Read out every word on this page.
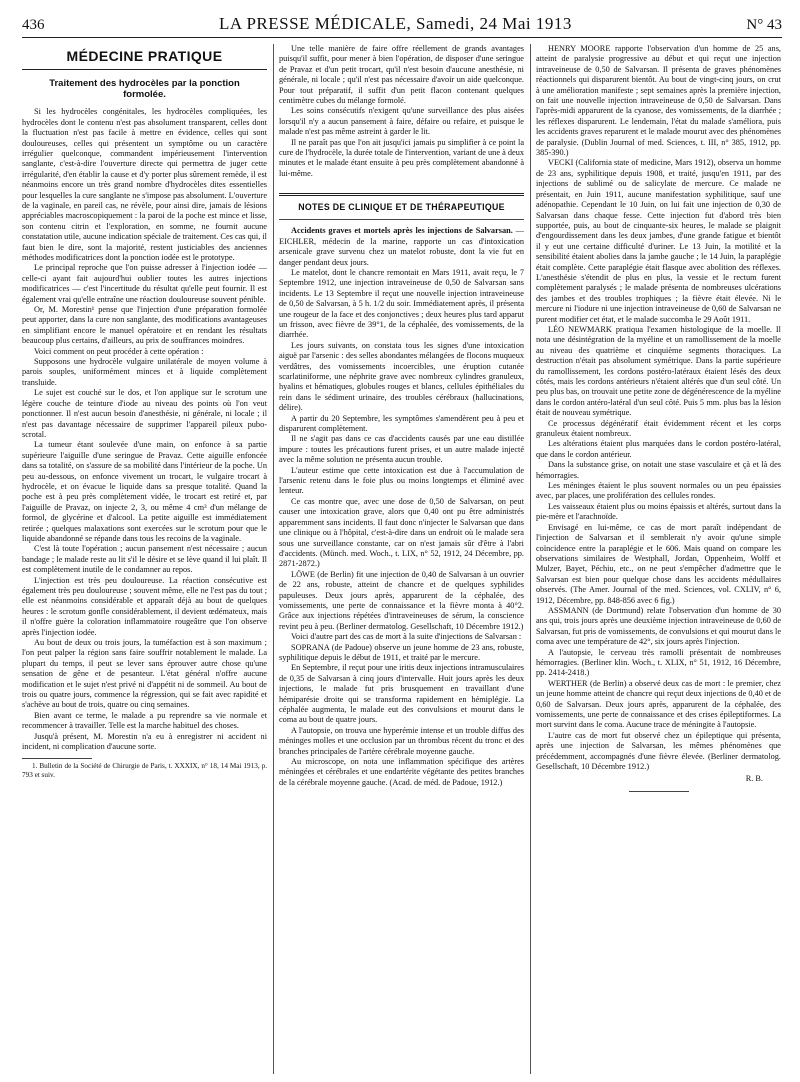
436	LA PRESSE MÉDICALE, Samedi, 24 Mai 1913	N° 43
MÉDECINE PRATIQUE
Traitement des hydrocèles par la ponction formolée.

Si les hydrocèles congénitales, les hydrocèles compliquées, les hydrocèles dont le contenu n'est pas absolument transparent, celles dont la fluctuation n'est pas facile à mettre en évidence, celles qui sont douloureuses, celles qui présentent un symptôme ou un caractère irrégulier quelconque, commandent impérieusement l'intervention sanglante, c'est-à-dire l'ouverture directe qui permettra de juger cette irrégularité, d'en établir la cause et d'y porter plus sûrement remède, il est néanmoins encore un très grand nombre d'hydrocèles dites essentielles pour lesquelles la cure sanglante ne s'impose pas absolument. L'ouverture de la vaginale, en pareil cas, ne révèle, pour ainsi dire, jamais de lésions appréciables macroscopiquement : la paroi de la poche est mince et lisse, son contenu citrin et l'exploration, en somme, ne fournit aucune constatation utile, aucune indication spéciale de traitement. Ces cas qui, il faut bien le dire, sont la majorité, restent justiciables des anciennes méthodes modificatrices dont la ponction iodée est le prototype.

Le principal reproche que l'on puisse adresser à l'injection iodée — celle-ci ayant fait aujourd'hui oublier toutes les autres injections modificatrices — c'est l'incertitude du résultat qu'elle peut fournir. Il est également vrai qu'elle entraîne une réaction douloureuse souvent pénible.

Or, M. Morestin¹ pense que l'injection d'une préparation formolée peut apporter, dans la cure non sanglante, des modifications avantageuses en simplifiant encore le manuel opératoire et en rendant les résultats beaucoup plus certains, d'ailleurs, au prix de souffrances moindres.

Voici comment on peut procéder à cette opération :

Supposons une hydrocèle vulgaire unilatérale de moyen volume à parois souples, uniformément minces et à liquide complètement transluide.

Le sujet est couché sur le dos, et l'on applique sur le scrotum une légère couche de teinture d'iode au niveau des points où l'on veut ponctionner. Il n'est aucun besoin d'anesthésie, ni générale, ni locale ; il n'est pas davantage nécessaire de supprimer l'appareil pileux pubo-scrotal.

La tumeur étant soulevée d'une main, on enfonce à sa partie supérieure l'aiguille d'une seringue de Pravaz. Cette aiguille enfoncée dans sa totalité, on s'assure de sa mobilité dans l'intérieur de la poche. Un peu au-dessous, on enfonce vivement un trocart, le vulgaire trocart à hydrocèle, et on évacue le liquide dans sa presque totalité. Quand la poche est à peu près complètement vidée, le trocart est retiré et, par l'aiguille de Pravaz, on injecte 2, 3, ou même 4 cm³ d'un mélange de formol, de glycérine et d'alcool. La petite aiguille est immédiatement retirée ; quelques malaxations sont exercées sur le scrotum pour que le liquide abandonné se répande dans tous les recoins de la vaginale.

C'est là toute l'opération ; aucun pansement n'est nécessaire ; aucun bandage ; le malade reste au lit s'il le désire et se lève quand il lui plaît. Il est complètement inutile de le condamner au repos.

L'injection est très peu douloureuse. La réaction consécutive est également très peu douloureuse ; souvent même, elle ne l'est pas du tout ; elle est néanmoins considérable et apparaît déjà au bout de quelques heures : le scrotum gonfle considérablement, il devient œdémateux, mais il n'offre guère la coloration inflammatoire rougeâtre que l'on observe après l'injection iodée.

Au bout de deux ou trois jours, la tuméfaction est à son maximum ; l'on peut palper la région sans faire souffrir notablement le malade. La plupart du temps, il peut se lever sans éprouver autre chose qu'une sensation de gêne et de pesanteur. L'état général n'offre aucune modification et le sujet n'est privé ni d'appétit ni de sommeil. Au bout de trois ou quatre jours, commence la régression, qui se fait avec rapidité et s'achève au bout de trois, quatre ou cinq semaines.

Bien avant ce terme, le malade a pu reprendre sa vie normale et recommencer à travailler. Telle est la marche habituel des choses.

Jusqu'à présent, M. Morestin n'a eu à enregistrer ni accident ni incident, ni complication d'aucune sorte.

1. Bulletin de la Société de Chirurgie de Paris, t. XXXIX, n° 18, 14 Mai 1913, p. 793 et suiv.

Une telle manière de faire offre réellement de grands avantages puisqu'il suffit, pour mener à bien l'opération, de disposer d'une seringue de Pravaz et d'un petit trocart, qu'il n'est besoin d'aucune anesthésie, ni générale, ni locale ; qu'il n'est pas nécessaire d'avoir un aide quelconque. Pour tout préparatif, il suffit d'un petit flacon contenant quelques centimètre cubes du mélange formolé.

Les soins consécutifs n'exigent qu'une surveillance des plus aisées lorsqu'il n'y a aucun pansement à faire, défaire ou refaire, et puisque le malade n'est pas même astreint à garder le lit.

Il ne paraît pas que l'on ait jusqu'ici jamais pu simplifier à ce point la cure de l'hydrocèle, la durée totale de l'intervention, variant de une à deux minutes et le malade étant ensuite à peu près complètement abandonné à lui-même.

NOTES DE CLINIQUE ET DE THÉRAPEUTIQUE

Accidents graves et mortels après les injections de Salvarsan. — EICHLER, médecin de la marine, rapporte un cas d'intoxication arsenicale grave survenu chez un matelot robuste, dont la vie fut en danger pendant deux jours.

Le matelot, dont le chancre remontait en Mars 1911, avait reçu, le 7 Septembre 1912, une injection intraveineuse de 0,50 de Salvarsan sans incidents. Le 13 Septembre il reçut une nouvelle injection intraveineuse de 0,50 de Salvarsan, à 5 h. 1/2 du soir. Immédiatement après, il présenta une rougeur de la face et des conjonctives ; deux heures plus tard apparut un frisson, avec fièvre de 39°1, de la céphalée, des vomissements, de la diarrhée.

Les jours suivants, on constata tous les signes d'une intoxication aiguë par l'arsenic : des selles abondantes mélangées de flocons muqueux verdâtres, des vomissements incoercibles, une éruption cutanée scarlatiniforme, une néphrite grave avec nombreux cylindres granuleux, hyalins et hématiques, globules rouges et blancs, cellules épithéliales du rein dans le sédiment urinaire, des troubles cérébraux (hallucinations, délire).

A partir du 20 Septembre, les symptômes s'amendèrent peu à peu et disparurent complètement.

Il ne s'agit pas dans ce cas d'accidents causés par une eau distillée impure : toutes les précautions furent prises, et un autre malade injecté avec la même solution ne présenta aucun trouble.

L'auteur estime que cette intoxication est due à l'accumulation de l'arsenic retenu dans le foie plus ou moins longtemps et éliminé avec lenteur.

Ce cas montre que, avec une dose de 0,50 de Salvarsan, on peut causer une intoxication grave, alors que 0,40 ont pu être administrés apparemment sans incidents. Il faut donc n'injecter le Salvarsan que dans une clinique ou à l'hôpital, c'est-à-dire dans un endroit où le malade sera sous une surveillance constante, car on n'est jamais sûr d'être à l'abri d'accidents. (Münch. med. Woch., t. LIX, n° 52, 1912, 24 Décembre, pp. 2871-2872.)

LÖWE (de Berlin) fit une injection de 0,40 de Salvarsan à un ouvrier de 22 ans, robuste, atteint de chancre et de quelques syphilides papuleuses. Deux jours après, apparurent de la céphalée, des vomissements, une perte de connaissance et la fièvre monta à 40°2. Grâce aux injections répétées d'intraveineuses de sérum, la conscience revint peu à peu. (Berliner dermatolog. Gesellschaft, 10 Décembre 1912.)

Voici d'autre part des cas de mort à la suite d'injections de Salvarsan :

SOPRANA (de Padoue) observe un jeune homme de 23 ans, robuste, syphilitique depuis le début de 1911, et traité par le mercure.

En Septembre, il reçut pour une iritis deux injections intramusculaires de 0,35 de Salvarsan à cinq jours d'intervalle. Huit jours après les deux injections, le malade fut pris brusquement en travaillant d'une hémiparésie droite qui se transforma rapidement en hémiplégie. La céphalée augmenta, le malade eut des convulsions et mourut dans le coma au bout de quatre jours.

A l'autopsie, on trouva une hyperémie intense et un trouble diffus des méninges molles et une occlusion par un thrombus récent du tronc et des branches principales de l'artère cérébrale moyenne gauche.

Au microscope, on nota une inflammation spécifique des artères méningées et cérébrales et une endartérite végétante des petites branches de la cérébrale moyenne gauche. (Acad. de méd. de Padoue, 1912.)

HENRY MOORE rapporte l'observation d'un homme de 25 ans, atteint de paralysie progressive au début et qui reçut une injection intraveineuse de 0,50 de Salvarsan. Il présenta de graves phénomènes réactionnels qui disparurent bientôt. Au bout de vingt-cinq jours, on crut à une amélioration manifeste ; sept semaines après la première injection, on fait une nouvelle injection intraveineuse de 0,50 de Salvarsan. Dans l'après-midi apparurent de la cyanose, des vomissements, de la diarrhée ; les réflexes disparurent. Le lendemain, l'état du malade s'améliora, puis les accidents graves reparurent et le malade mourut avec des phénomènes de paralysie. (Dublin Journal of med. Sciences, t. III, n° 385, 1912, pp. 385-390.)

VECKI (California state of medicine, Mars 1912), observa un homme de 23 ans, syphilitique depuis 1908, et traité, jusqu'en 1911, par des injections de sublimé ou de salicylate de mercure. Ce malade ne présentait, en Juin 1911, aucune manifestation syphilitique, sauf une adénopathie. Cependant le 10 Juin, on lui fait une injection de 0,30 de Salvarsan dans chaque fesse. Cette injection fut d'abord très bien supportée, puis, au bout de cinquante-six heures, le malade se plaignit d'engourdissement dans les deux jambes, d'une grande fatigue et bientôt il y eut une certaine difficulté d'uriner. Le 13 Juin, la motilité et la sensibilité étaient abolies dans la jambe gauche ; le 14 Juin, la paraplégie était complète. Cette paraplégie était flasque avec abolition des réflexes. L'anesthésie s'étendit de plus en plus, la vessie et le rectum furent complètement paralysés ; le malade présenta de nombreuses ulcérations des jambes et des troubles trophiques ; la fièvre était élevée. Ni le mercure ni l'iodure ni une injection intraveineuse de 0,60 de Salvarsan ne purent modifier cet état, et le malade succomba le 29 Août 1911.

LÉO NEWMARK pratiqua l'examen histologique de la moelle. Il nota une désintégration de la myéline et un ramollissement de la moelle au niveau des quatrième et cinquième segments thoraciques. La destruction n'était pas absolument symétrique. Dans la partie supérieure du ramollissement, les cordons postéro-latéraux étaient lésés des deux côtés, mais les cordons antérieurs n'étaient altérés que d'un seul côté. Un peu plus bas, on trouvait une petite zone de dégénérescence de la myéline dans le cordon antéro-latéral d'un seul côté. Puis 5 mm. plus bas la lésion était de nouveau symétrique.

Ce processus dégénératif était évidemment récent et les corps granuleux étaient nombreux.

Les altérations étaient plus marquées dans le cordon postéro-latéral, que dans le cordon antérieur.

Dans la substance grise, on notait une stase vasculaire et çà et là des hémorragies.

Les méninges étaient le plus souvent normales ou un peu épaissies avec, par places, une prolifération des cellules rondes.

Les vaisseaux étaient plus ou moins épaissis et altérés, surtout dans la pie-mère et l'arachnoïde.

Envisagé en lui-même, ce cas de mort paraît indépendant de l'injection de Salvarsan et il semblerait n'y avoir qu'une simple coïncidence entre la paraplégie et le 606. Mais quand on compare les observations similaires de Westphall, Jordan, Oppenheim, Wolff et Mulzer, Bayet, Péchiu, etc., on ne peut s'empêcher d'admettre que le Salvarsan est bien pour quelque chose dans les accidents médullaires observés. (The Amer. Journal of the med. Sciences, vol. CXLIV, n° 6, 1912, Décembre, pp. 848-856 avec 6 fig.)

ASSMANN (de Dortmund) relate l'observation d'un homme de 30 ans qui, trois jours après une deuxième injection intraveineuse de 0,60 de Salvarsan, fut pris de vomissements, de convulsions et qui mourut dans le coma avec une température de 42°, six jours après l'injection.

A l'autopsie, le cerveau très ramolli présentait de nombreuses hémorragies. (Berliner klin. Woch., t. XLIX, n° 51, 1912, 16 Décembre, pp. 2414-2418.)

WERTHER (de Berlin) a observé deux cas de mort : le premier, chez un jeune homme atteint de chancre qui reçut deux injections de 0,40 et de 0,60 de Salvarsan. Deux jours après, apparurent de la céphalée, des vomissements, une perte de connaissance et des crises épileptiformes. La mort survint dans le coma. Aucune trace de méningite à l'autopsie.

L'autre cas de mort fut observé chez un épileptique qui présenta, après une injection de Salvarsan, les mêmes phénomènes que précédemment, accompagnés d'une fièvre élevée. (Berliner dermatolog. Gesellschaft, 10 Décembre 1912.)

R. B.
